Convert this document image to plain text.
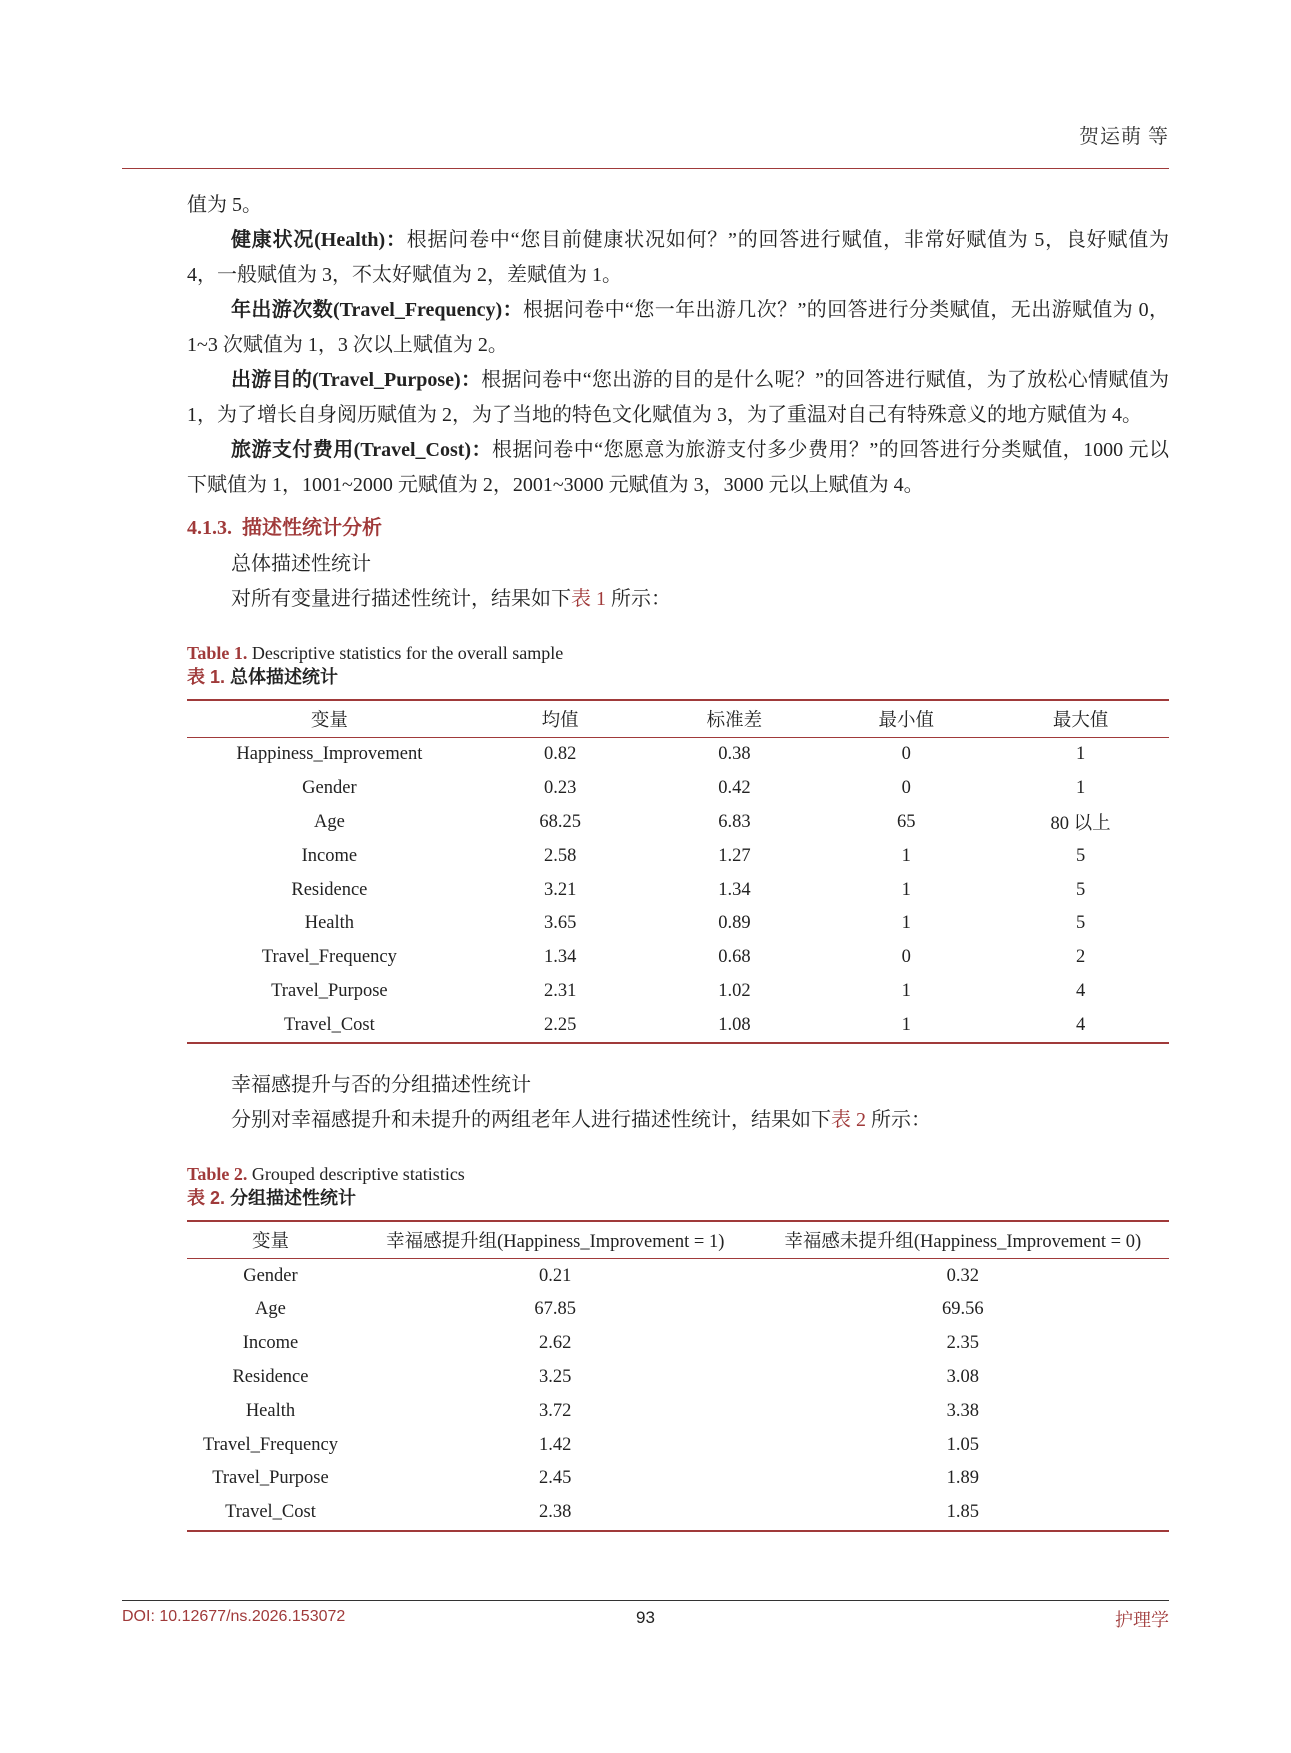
贺运萌 等

值为 5。

健康状况(Health)：根据问卷中“您目前健康状况如何？”的回答进行赋值，非常好赋值为 5，良好赋值为 4，一般赋值为 3，不太好赋值为 2，差赋值为 1。

年出游次数(Travel_Frequency)：根据问卷中“您一年出游几次？”的回答进行分类赋值，无出游赋值为 0，1~3 次赋值为 1，3 次以上赋值为 2。

出游目的(Travel_Purpose)：根据问卷中“您出游的目的是什么呢？”的回答进行赋值，为了放松心情赋值为 1，为了增长自身阅历赋值为 2，为了当地的特色文化赋值为 3，为了重温对自己有特殊意义的地方赋值为 4。

旅游支付费用(Travel_Cost)：根据问卷中“您愿意为旅游支付多少费用？”的回答进行分类赋值，1000 元以下赋值为 1，1001~2000 元赋值为 2，2001~3000 元赋值为 3，3000 元以上赋值为 4。

4.1.3. 描述性统计分析

总体描述性统计

对所有变量进行描述性统计，结果如下表 1 所示：

Table 1. Descriptive statistics for the overall sample
表 1. 总体描述统计
变量	均值	标准差	最小值	最大值
Happiness_Improvement	0.82	0.38	0	1
Gender	0.23	0.42	0	1
Age	68.25	6.83	65	80 以上
Income	2.58	1.27	1	5
Residence	3.21	1.34	1	5
Health	3.65	0.89	1	5
Travel_Frequency	1.34	0.68	0	2
Travel_Purpose	2.31	1.02	1	4
Travel_Cost	2.25	1.08	1	4

幸福感提升与否的分组描述性统计

分别对幸福感提升和未提升的两组老年人进行描述性统计，结果如下表 2 所示：

Table 2. Grouped descriptive statistics
表 2. 分组描述性统计
变量	幸福感提升组(Happiness_Improvement = 1)	幸福感未提升组(Happiness_Improvement = 0)
Gender	0.21	0.32
Age	67.85	69.56
Income	2.62	2.35
Residence	3.25	3.08
Health	3.72	3.38
Travel_Frequency	1.42	1.05
Travel_Purpose	2.45	1.89
Travel_Cost	2.38	1.85
DOI: 10.12677/ns.2026.153072	93	护理学
